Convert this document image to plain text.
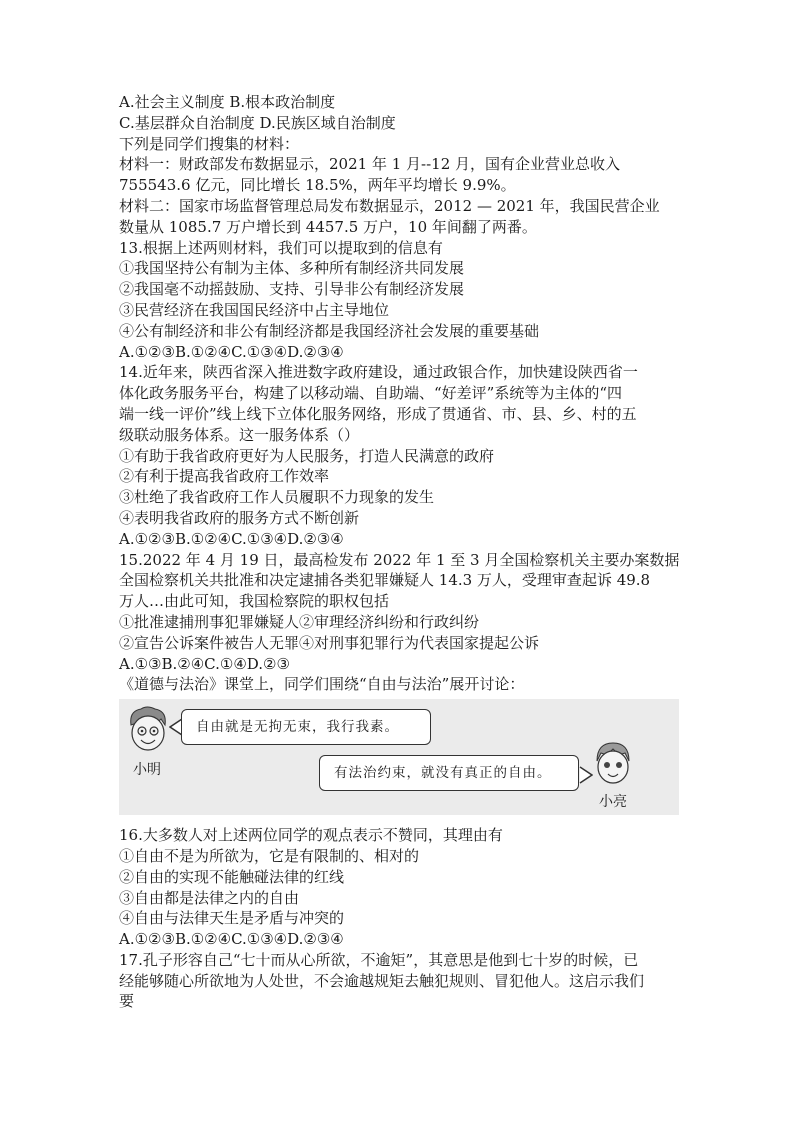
A.社会主义制度 B.根本政治制度
C.基层群众自治制度 D.民族区域自治制度
下列是同学们搜集的材料：
材料一：财政部发布数据显示，2021 年 1 月--12 月，国有企业营业总收入
755543.6 亿元，同比增长 18.5%，两年平均增长 9.9%。
材料二：国家市场监督管理总局发布数据显示，2012 — 2021 年，我国民营企业
数量从 1085.7 万户增长到 4457.5 万户，10 年间翻了两番。
13.根据上述两则材料，我们可以提取到的信息有
①我国坚持公有制为主体、多种所有制经济共同发展
②我国毫不动摇鼓励、支持、引导非公有制经济发展
③民营经济在我国国民经济中占主导地位
④公有制经济和非公有制经济都是我国经济社会发展的重要基础
A.①②③B.①②④C.①③④D.②③④
14.近年来，陕西省深入推进数字政府建设，通过政银合作，加快建设陕西省一
体化政务服务平台，构建了以移动端、自助端、“好差评”系统等为主体的“四
端一线一评价”线上线下立体化服务网络，形成了贯通省、市、县、乡、村的五
级联动服务体系。这一服务体系（）
①有助于我省政府更好为人民服务，打造人民满意的政府
②有利于提高我省政府工作效率
③杜绝了我省政府工作人员履职不力现象的发生
④表明我省政府的服务方式不断创新
A.①②③B.①②④C.①③④D.②③④
15.2022 年 4 月 19 日，最高检发布 2022 年 1 至 3 月全国检察机关主要办案数据
全国检察机关共批准和决定逮捕各类犯罪嫌疑人 14.3 万人，受理审查起诉 49.8
万人…由此可知，我国检察院的职权包括
①批准逮捕刑事犯罪嫌疑人②审理经济纠纷和行政纠纷
②宣告公诉案件被告人无罪④对刑事犯罪行为代表国家提起公诉
A.①③B.②④C.①④D.②③
《道德与法治》课堂上，同学们围绕“自由与法治”展开讨论：
小明
自由就是无拘无束，我行我素。
有法治约束，就没有真正的自由。
小亮
16.大多数人对上述两位同学的观点表示不赞同，其理由有
①自由不是为所欲为，它是有限制的、相对的
②自由的实现不能触碰法律的红线
③自由都是法律之内的自由
④自由与法律天生是矛盾与冲突的
A.①②③B.①②④C.①③④D.②③④
17.孔子形容自己“七十而从心所欲，不逾矩”，其意思是他到七十岁的时候，已
经能够随心所欲地为人处世，不会逾越规矩去触犯规则、冒犯他人。这启示我们
要
